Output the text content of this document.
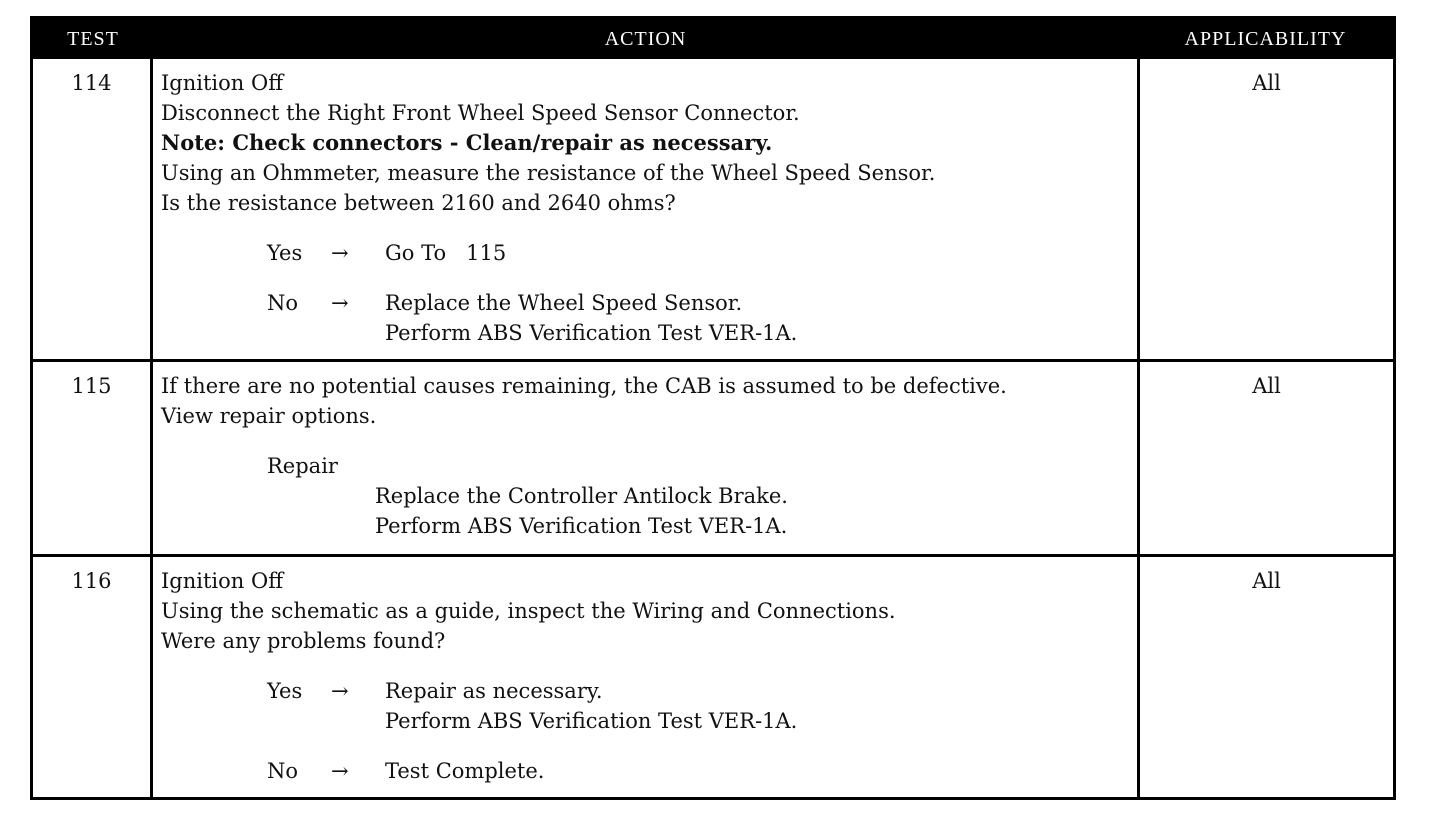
TEST	ACTION	APPLICABILITY
114	Ignition Off
Disconnect the Right Front Wheel Speed Sensor Connector.
Note: Check connectors - Clean/repair as necessary.
Using an Ohmmeter, measure the resistance of the Wheel Speed Sensor.
Is the resistance between 2160 and 2640 ohms?
Yes	→	Go To   115
No	→	Replace the Wheel Speed Sensor.
Perform ABS Verification Test VER-1A.
All
115	If there are no potential causes remaining, the CAB is assumed to be defective.
View repair options.
Repair
Replace the Controller Antilock Brake.
Perform ABS Verification Test VER-1A.
All
116	Ignition Off
Using the schematic as a guide, inspect the Wiring and Connections.
Were any problems found?
Yes	→	Repair as necessary.
Perform ABS Verification Test VER-1A.
No	→	Test Complete.
All
